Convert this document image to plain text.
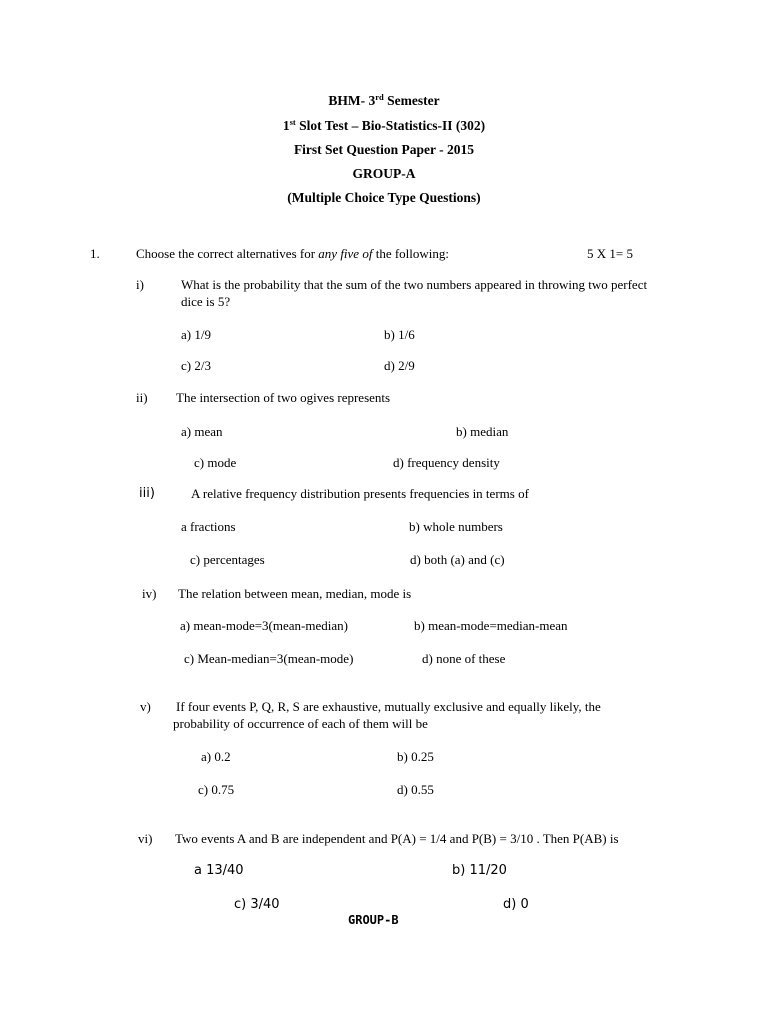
BHM- 3rd Semester
1st Slot Test – Bio-Statistics-II (302)
First Set Question Paper - 2015
GROUP-A
(Multiple Choice Type Questions)
1.	Choose the correct alternatives for any five of the following:	5 X 1= 5
i)	What is the probability that the sum of the two numbers appeared in throwing two perfect
dice is 5?
a) 1/9	b) 1/6
c) 2/3	d) 2/9
ii) The intersection of two ogives represents
a) mean	b) median
c) mode	d) frequency density
iii)	A relative frequency distribution presents frequencies in terms of
a fractions	b) whole numbers
c) percentages	d) both (a) and (c)
iv) The relation between mean, median, mode is
a) mean-mode=3(mean-median)	b) mean-mode=median-mean
c) Mean-median=3(mean-mode)	d) none of these
v) If four events P, Q, R, S are exhaustive, mutually exclusive and equally likely, the
probability of occurrence of each of them will be
a) 0.2	b) 0.25
c) 0.75	d) 0.55
vi) Two events A and B are independent and P(A) = 1/4 and P(B) = 3/10 . Then P(AB) is
a 13/40	b) 11/20
c) 3/40	d) 0
GROUP-B
